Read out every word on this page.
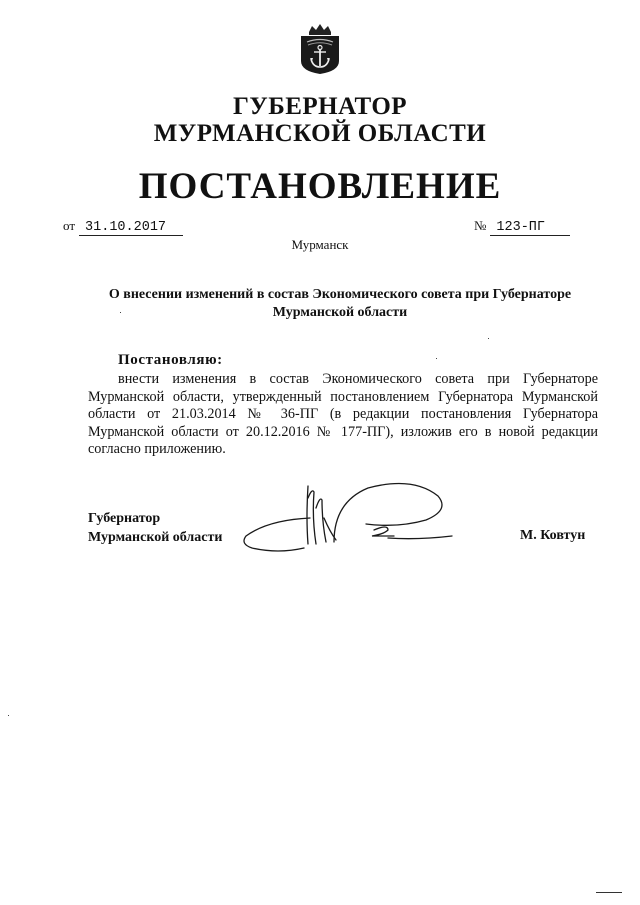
ГУБЕРНАТОР
МУРМАНСКОЙ ОБЛАСТИ
ПОСТАНОВЛЕНИЕ
от 31.10.2017	№ 123-ПГ
Мурманск
О внесении изменений в состав Экономического совета при Губернаторе Мурманской области
Постановляю:
внести изменения в состав Экономического совета при Губернаторе Мурманской области, утвержденный постановлением Губернатора Мурманской области от 21.03.2014 № 36-ПГ (в редакции постановления Губернатора Мурманской области от 20.12.2016 № 177-ПГ), изложив его в новой редакции согласно приложению.
Губернатор
Мурманской области	М. Ковтун
